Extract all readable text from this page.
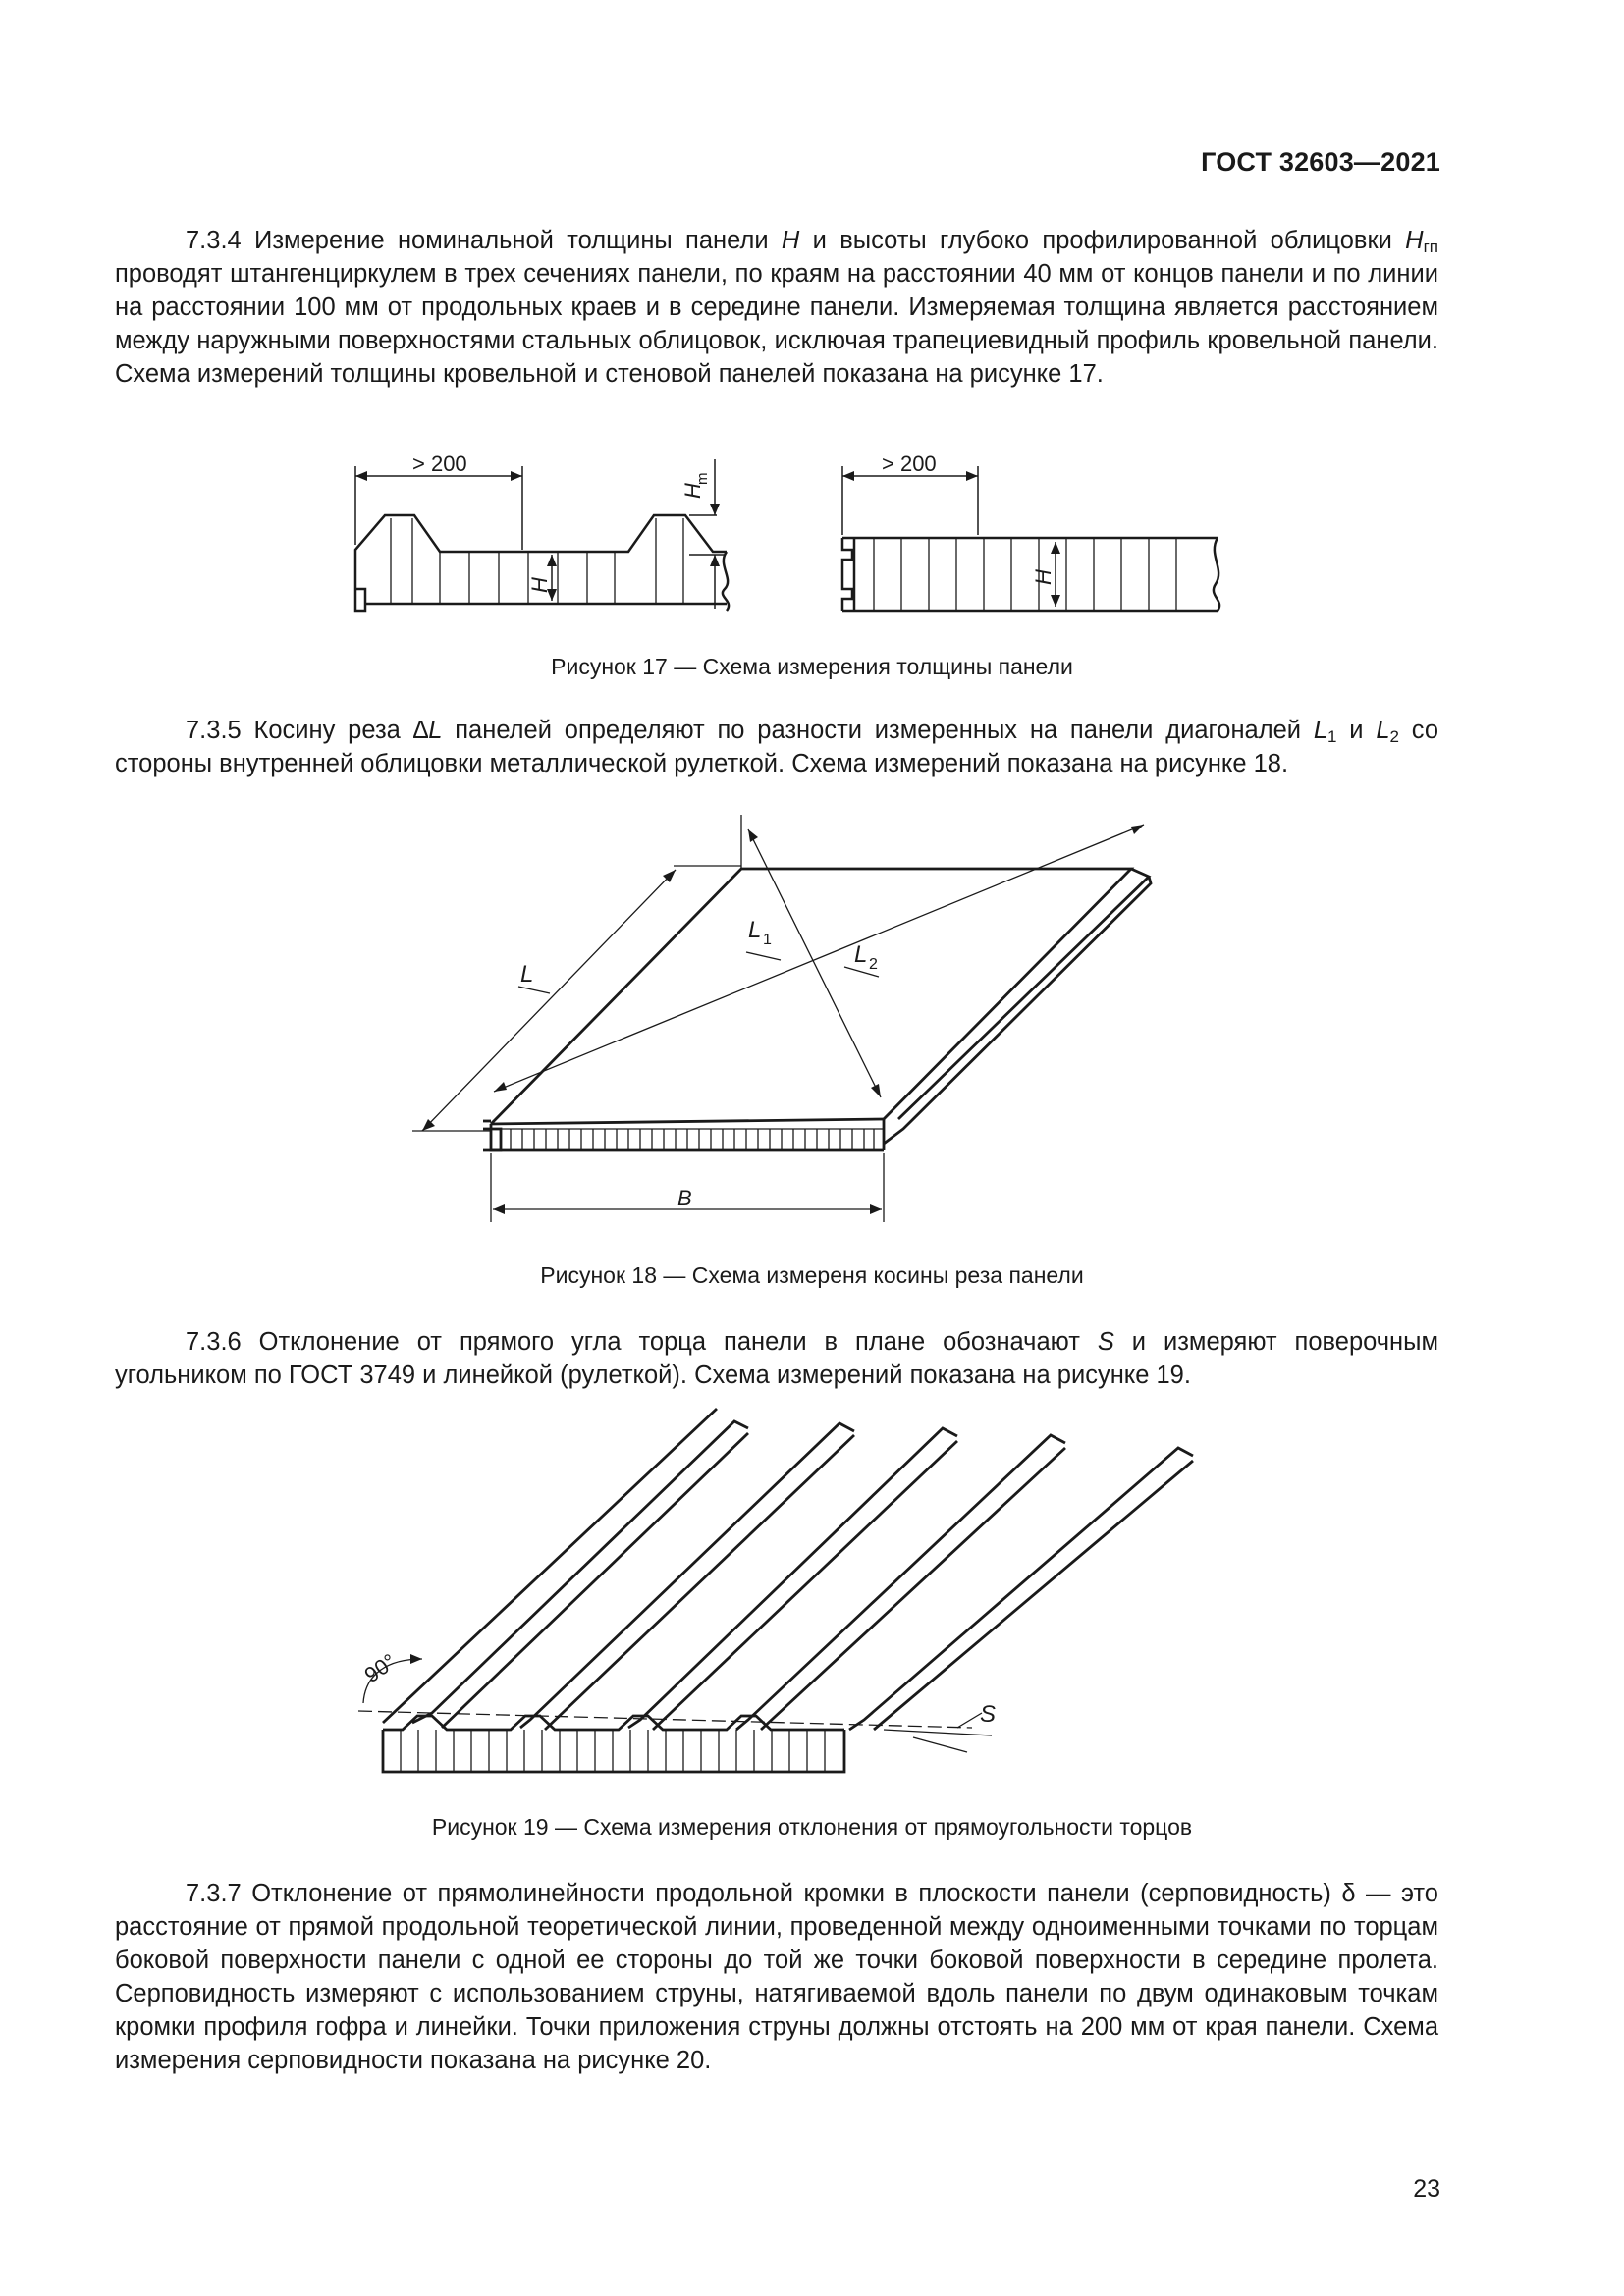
ГОСТ 32603—2021

7.3.4 Измерение номинальной толщины панели H и высоты глубоко профилированной облицовки $H_{гп}$ проводят штангенциркулем в трех сечениях панели, по краям на расстоянии 40 мм от концов панели и по линии на расстоянии 100 мм от продольных краев и в середине панели. Измеряемая толщина является расстоянием между наружными поверхностями стальных облицовок, исключая трапециевидный профиль кровельной панели. Схема измерений толщины кровельной и стеновой панелей показана на рисунке 17.

> 200	> 200
H
H
m
H
Рисунок 17 — Схема измерения толщины панели

7.3.5 Косину реза ∆L панелей определяют по разности измеренных на панели диагоналей $L_1$ и $L_2$ со стороны внутренней облицовки металлической рулеткой. Схема измерений показана на рисунке 18.

L
L 1
L 2
B
Рисунок 18 — Схема измереня косины реза панели

7.3.6 Отклонение от прямого угла торца панели в плане обозначают S и измеряют поверочным угольником по ГОСТ 3749 и линейкой (рулеткой). Схема измерений показана на рисунке 19.

90°
S
Рисунок 19 — Схема измерения отклонения от прямоугольности торцов

7.3.7 Отклонение от прямолинейности продольной кромки в плоскости панели (серповидность) δ — это расстояние от прямой продольной теоретической линии, проведенной между одноименными точками по торцам боковой поверхности панели с одной ее стороны до той же точки боковой поверхности в середине пролета. Серповидность измеряют с использованием струны, натягиваемой вдоль панели по двум одинаковым точкам кромки профиля гофра и линейки. Точки приложения струны должны отстоять на 200 мм от края панели. Схема измерения серповидности показана на рисунке 20.

23
